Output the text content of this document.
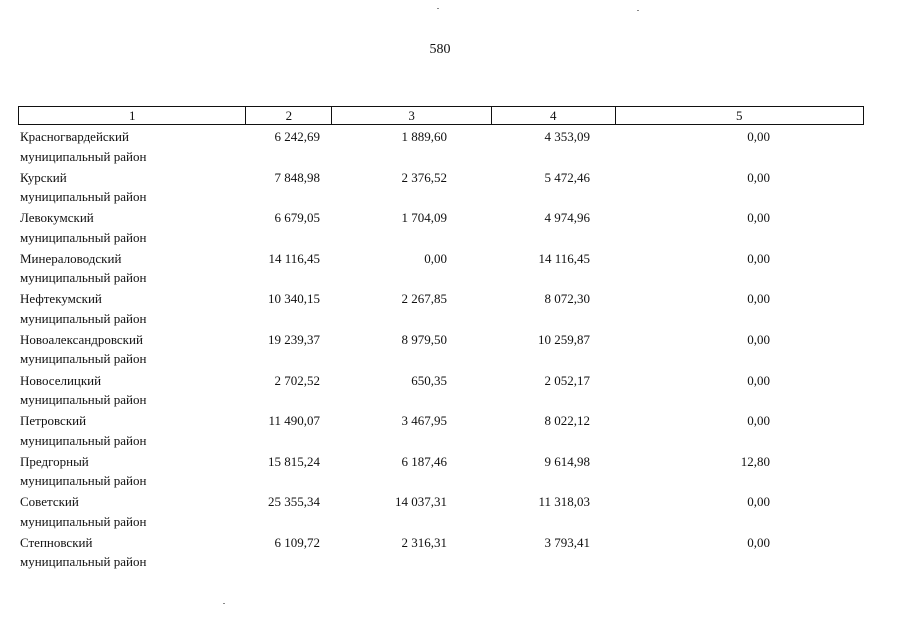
580
1	2	3	4	5
Красногвардейский
муниципальный район
6 242,69	1 889,60	4 353,09	0,00
Курский
муниципальный район
7 848,98	2 376,52	5 472,46	0,00
Левокумский
муниципальный район
6 679,05	1 704,09	4 974,96	0,00
Минераловодский
муниципальный район
14 116,45	0,00	14 116,45	0,00
Нефтекумский
муниципальный район
10 340,15	2 267,85	8 072,30	0,00
Новоалександровский
муниципальный район
19 239,37	8 979,50	10 259,87	0,00
Новоселицкий
муниципальный район
2 702,52	650,35	2 052,17	0,00
Петровский
муниципальный район
11 490,07	3 467,95	8 022,12	0,00
Предгорный
муниципальный район
15 815,24	6 187,46	9 614,98	12,80
Советский
муниципальный район
25 355,34	14 037,31	11 318,03	0,00
Степновский
муниципальный район
6 109,72	2 316,31	3 793,41	0,00
